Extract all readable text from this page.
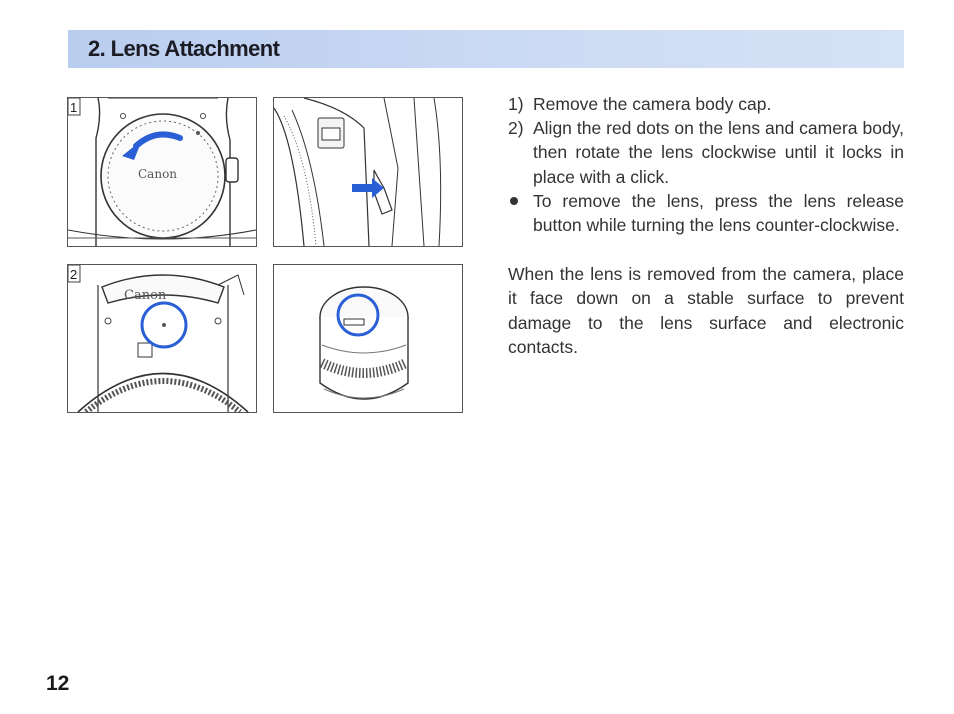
2. Lens Attachment
Canon
1
Canon
2
1) Remove the camera body cap.
2) Align the red dots on the lens and camera body, then rotate the lens clockwise until it locks in place with a click.
To remove the lens, press the lens release button while turning the lens counter-clockwise.

When the lens is removed from the camera, place it face down on a stable surface to prevent damage to the lens surface and electronic contacts.

12
